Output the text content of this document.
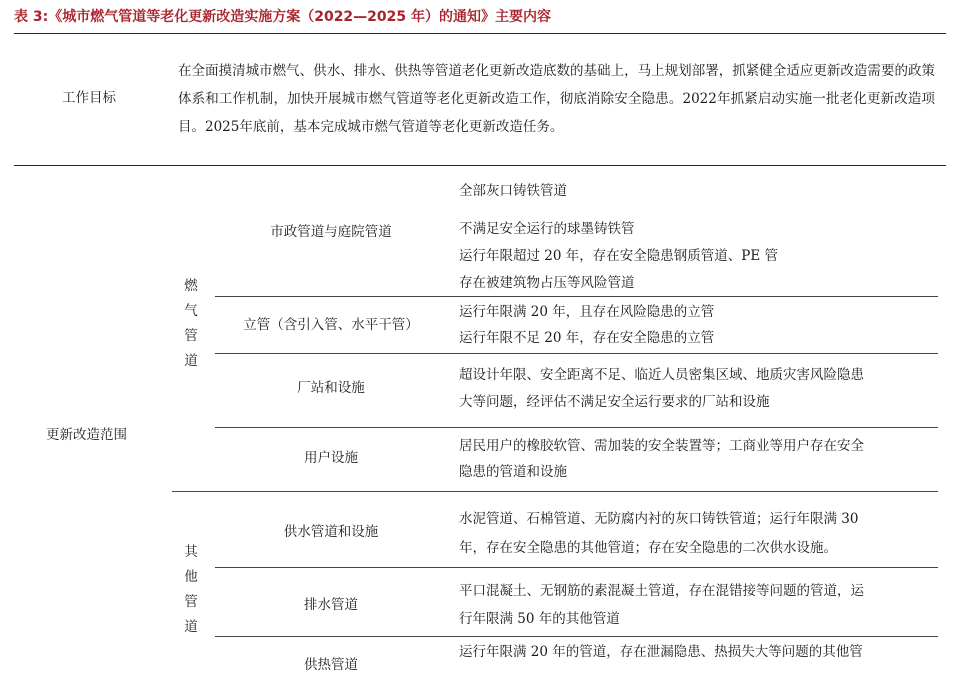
表 3:《城市燃气管道等老化更新改造实施方案（2022—2025 年）的通知》主要内容
工作目标
在全面摸清城市燃气、供水、排水、供热等管道老化更新改造底数的基础上，马上规划部署，抓紧健全适应更新改造需要的政策体系和工作机制，加快开展城市燃气管道等老化更新改造工作，彻底消除安全隐患。2022年抓紧启动实施一批老化更新改造项目。2025年底前，基本完成城市燃气管道等老化更新改造任务。
更新改造范围
燃气管道
市政管道与庭院管道
全部灰口铸铁管道
不满足安全运行的球墨铸铁管
运行年限超过 20 年，存在安全隐患钢质管道、PE 管
存在被建筑物占压等风险管道
立管（含引入管、水平干管）
运行年限满 20 年，且存在风险隐患的立管
运行年限不足 20 年，存在安全隐患的立管
厂站和设施
超设计年限、安全距离不足、临近人员密集区域、地质灾害风险隐患
大等问题，经评估不满足安全运行要求的厂站和设施
用户设施
居民用户的橡胶软管、需加装的安全装置等；工商业等用户存在安全
隐患的管道和设施
其他管道
供水管道和设施
水泥管道、石棉管道、无防腐内衬的灰口铸铁管道；运行年限满 30
年，存在安全隐患的其他管道；存在安全隐患的二次供水设施。
排水管道
平口混凝土、无钢筋的素混凝土管道，存在混错接等问题的管道，运
行年限满 50 年的其他管道
供热管道
运行年限满 20 年的管道，存在泄漏隐患、热损失大等问题的其他管
